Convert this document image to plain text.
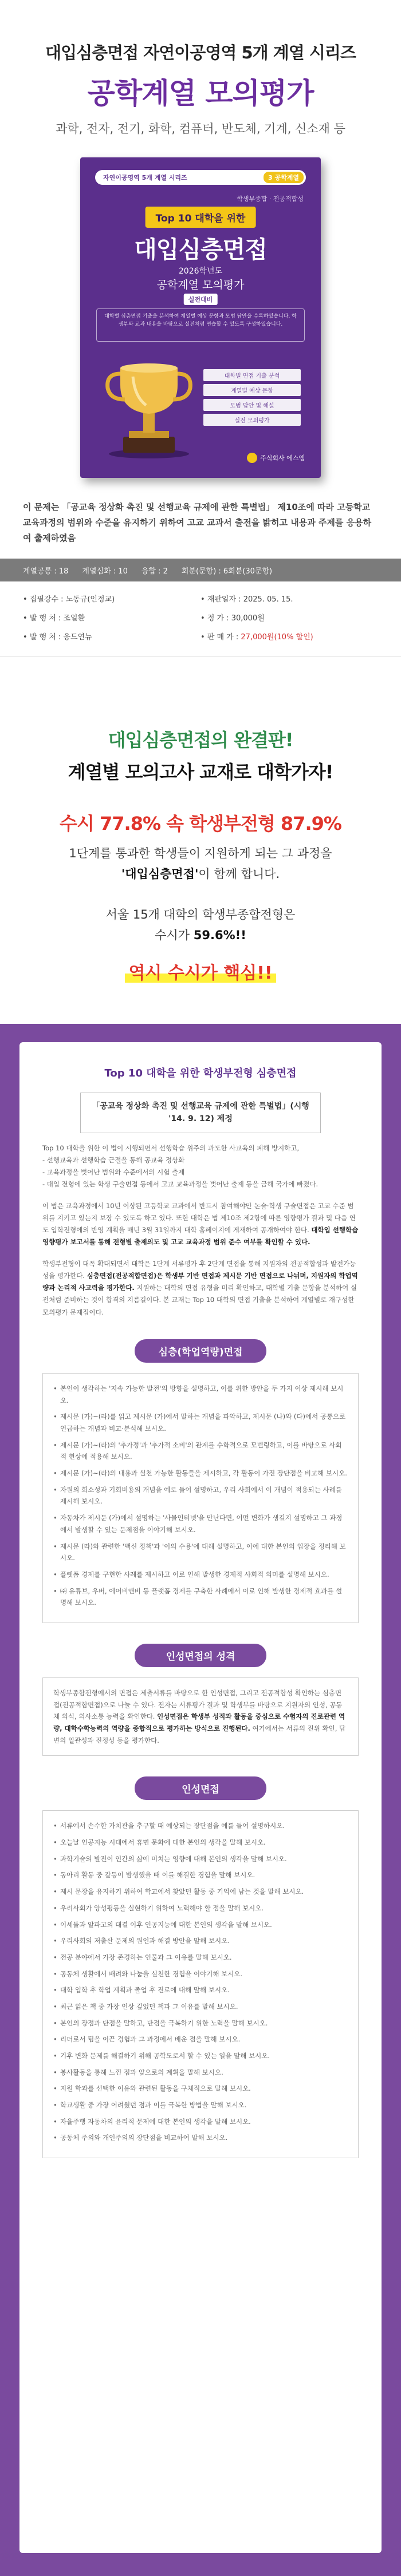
대입심층면접 자연이공영역 5개 계열 시리즈
공학계열 모의평가
과학, 전자, 전기, 화학, 컴퓨터, 반도체, 기계, 신소재 등
자연이공영역 5개 계열 시리즈	3 공학계열
학생부종합 · 전공적합성
Top 10 대학을 위한
대입심층면접
2026학년도
공학계열 모의평가
실전대비
대학별 심층면접 기출을 분석하여 계열별 예상 문항과 모범 답안을 수록하였습니다. 학생부와 교과 내용을 바탕으로 실전처럼 연습할 수 있도록 구성하였습니다.
대학별 면접 기출 분석
계열별 예상 문항
모범 답안 및 해설
실전 모의평가
주식회사 에스엠

이 문제는 「공교육 정상화 촉진 및 선행교육 규제에 관한 특별법」 제10조에 따라 고등학교 교육과정의 범위와 수준을 유지하기 위하여 고교 교과서 출전을 밝히고 내용과 주제를 응용하여 출제하였음

계열공통 : 18 계열심화 : 10 융합 : 2 회분(문항) : 6회분(30문항)
• 집필강수 : 노동규(인정교)	• 재판일자 : 2025. 05. 15.
• 발 행 처 : 조일환	• 정 가 : 30,000원
• 발 행 처 : 응드연뉴	• 판 매 가 : 27,000원(10% 할인)
대입심층면접의 완결판!
계열별 모의고사 교재로 대학가자!
수시 77.8% 속 학생부전형 87.9%
1단계를 통과한 학생들이 지원하게 되는 그 과정을
'대입심층면접'이 함께 합니다.
서울 15개 대학의 학생부종합전형은
수시가 59.6%!!
역시 수시가 핵심!!
Top 10 대학을 위한 학생부전형 심층면접
「공교육 정상화 촉진 및 선행교육 규제에 관한 특별법」(시행 '14. 9. 12) 제정

Top 10 대학을 위한 이 법이 시행되면서 선행학습 위주의 과도한 사교육의 폐해 방지하고,
- 선행교육과 선행학습 근절을 통해 공교육 정상화
- 교육과정을 벗어난 범위와 수준에서의 시험 출제
- 대입 전형에 있는 학생 구술면접 등에서 고교 교육과정을 벗어난 출제 등을 금해 국가에 빠졌다.

이 법은 교육과정에서 10년 이상된 고등학교 교과에서 반드시 참여해야만 논술·학생 구술면접은 고교 수준 범위를 지키고 있는지 보장 수 있도록 하고 있다. 또한 대학은 법 제10조 제2항에 따른 영향평가 결과 및 다음 연도 입학전형에의 반영 계획을 매년 3월 31일까지 대학 홈페이지에 게재하여 공개하여야 한다. 대학입 선행학습영향평가 보고서를 통해 전형별 출제의도 및 고교 교육과정 범위 준수 여부를 확인할 수 있다.

학생부전형이 대폭 확대되면서 대학은 1단계 서류평가 후 2단계 면접을 통해 지원자의 전공적합성과 발전가능성을 평가한다. 심층면접(전공적합면접)은 학생부 기반 면접과 제시문 기반 면접으로 나뉘며, 지원자의 학업역량과 논리적 사고력을 평가한다. 지원하는 대학의 면접 유형을 미리 확인하고, 대학별 기출 문항을 분석하여 실전처럼 준비하는 것이 합격의 지름길이다. 본 교재는 Top 10 대학의 면접 기출을 분석하여 계열별로 재구성한 모의평가 문제집이다.

심층(학업역량)면접
• 본인이 생각하는 '지속 가능한 발전'의 방향을 설명하고, 이를 위한 방안을 두 가지 이상 제시해 보시오.
• 제시문 (가)~(라)를 읽고 제시문 (가)에서 말하는 개념을 파악하고, 제시문 (나)와 (다)에서 공통으로 언급하는 개념과 비교·분석해 보시오.
• 제시문 (가)~(라)의 '추가정'과 '추가적 소비'의 관계를 수학적으로 모델링하고, 이를 바탕으로 사회적 현상에 적용해 보시오.
• 제시문 (가)~(라)의 내용과 실천 가능한 활동들을 제시하고, 각 활동이 가진 장단점을 비교해 보시오.
• 자원의 희소성과 기회비용의 개념을 예로 들어 설명하고, 우리 사회에서 이 개념이 적용되는 사례를 제시해 보시오.
• 자동차가 제시문 (가)에서 설명하는 '사물인터넷'을 만난다면, 어떤 변화가 생길지 설명하고 그 과정에서 발생할 수 있는 문제점을 이야기해 보시오.
• 제시문 (라)와 관련한 '백신 정책'과 '이의 수용'에 대해 설명하고, 이에 대한 본인의 입장을 정리해 보시오.
• 플랫폼 경제를 구현한 사례를 제시하고 이로 인해 발생한 경제적 사회적 의미를 설명해 보시오.
• ㈜ 유튜브, 우버, 에어비앤비 등 플랫폼 경제를 구축한 사례에서 이로 인해 발생한 경제적 효과를 설명해 보시오.
인성면접의 성격

학생부종합전형에서의 면접은 제출서류를 바탕으로 한 인성면접, 그리고 전공적합성 확인하는 심층면접(전공적합면접)으로 나눌 수 있다. 전자는 서류평가 결과 및 학생부를 바탕으로 지원자의 인성, 공동체 의식, 의사소통 능력을 확인한다. 인성면접은 학생부 성적과 활동을 중심으로 수험자의 진로관련 역량, 대학수학능력의 역량을 종합적으로 평가하는 방식으로 진행된다. 여기에서는 서류의 진위 확인, 답변의 일관성과 진정성 등을 평가한다.

인성면접
• 서류에서 손수한 가치관을 추구할 때 예상되는 장단점을 예를 들어 설명하시오.
• 오늘날 인공지능 시대에서 휴먼 문화에 대한 본인의 생각을 말해 보시오.
• 과학기술의 발전이 인간의 삶에 미치는 영향에 대해 본인의 생각을 말해 보시오.
• 동아리 활동 중 갈등이 발생했을 때 이를 해결한 경험을 말해 보시오.
• 제시 문장을 유지하기 위하여 학교에서 찾았던 활동 중 기억에 남는 것을 말해 보시오.
• 우리사회가 양성평등을 실현하기 위하여 노력해야 할 점을 말해 보시오.
• 이세돌과 알파고의 대결 이후 인공지능에 대한 본인의 생각을 말해 보시오.
• 우리사회의 저출산 문제의 원인과 해결 방안을 말해 보시오.
• 전공 분야에서 가장 존경하는 인물과 그 이유를 말해 보시오.
• 공동체 생활에서 배려와 나눔을 실천한 경험을 이야기해 보시오.
• 대학 입학 후 학업 계획과 졸업 후 진로에 대해 말해 보시오.
• 최근 읽은 책 중 가장 인상 깊었던 책과 그 이유를 말해 보시오.
• 본인의 장점과 단점을 말하고, 단점을 극복하기 위한 노력을 말해 보시오.
• 리더로서 팀을 이끈 경험과 그 과정에서 배운 점을 말해 보시오.
• 기후 변화 문제를 해결하기 위해 공학도로서 할 수 있는 일을 말해 보시오.
• 봉사활동을 통해 느낀 점과 앞으로의 계획을 말해 보시오.
• 지원 학과를 선택한 이유와 관련된 활동을 구체적으로 말해 보시오.
• 학교생활 중 가장 어려웠던 점과 이를 극복한 방법을 말해 보시오.
• 자율주행 자동차의 윤리적 문제에 대한 본인의 생각을 말해 보시오.
• 공동체 주의와 개인주의의 장단점을 비교하여 말해 보시오.
